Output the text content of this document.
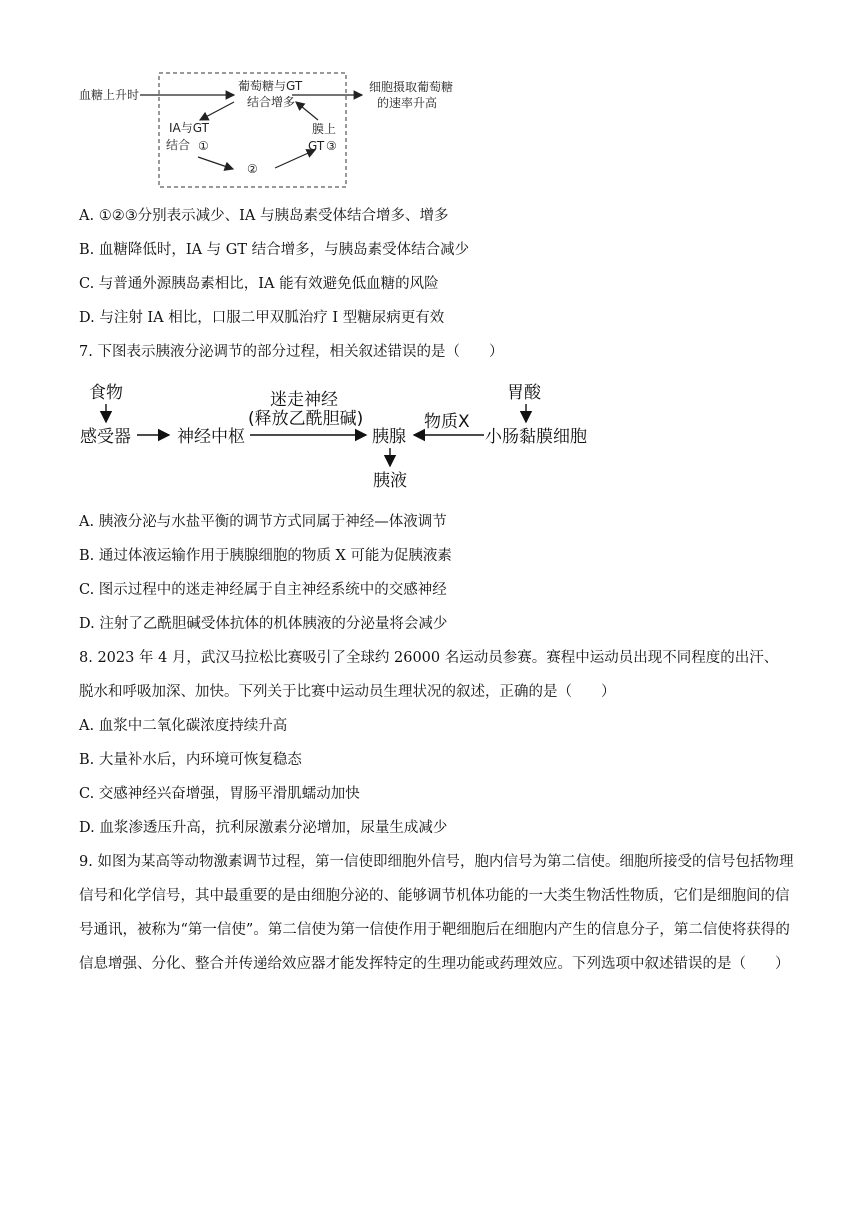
血糖上升时
葡萄糖与GT
结合增多
细胞摄取葡萄糖
的速率升高
IA与GT
结合 ①
②
膜上
GT ③
A. ①②③分别表示减少、IA 与胰岛素受体结合增多、增多
B. 血糖降低时，IA 与 GT 结合增多，与胰岛素受体结合减少
C. 与普通外源胰岛素相比，IA 能有效避免低血糖的风险
D. 与注射 IA 相比，口服二甲双胍治疗 I 型糖尿病更有效
7. 下图表示胰液分泌调节的部分过程，相关叙述错误的是（　　）
食物
感受器	神经中枢
迷走神经
(释放乙酰胆碱)
胰腺
胰液
物质X
胃酸
小肠黏膜细胞
A. 胰液分泌与水盐平衡的调节方式同属于神经—体液调节
B. 通过体液运输作用于胰腺细胞的物质 X 可能为促胰液素
C. 图示过程中的迷走神经属于自主神经系统中的交感神经
D. 注射了乙酰胆碱受体抗体的机体胰液的分泌量将会减少
8. 2023 年 4 月，武汉马拉松比赛吸引了全球约 26000 名运动员参赛。赛程中运动员出现不同程度的出汗、
脱水和呼吸加深、加快。下列关于比赛中运动员生理状况的叙述，正确的是（　　）
A. 血浆中二氧化碳浓度持续升高
B. 大量补水后，内环境可恢复稳态
C. 交感神经兴奋增强，胃肠平滑肌蠕动加快
D. 血浆渗透压升高，抗利尿激素分泌增加，尿量生成减少
9. 如图为某高等动物激素调节过程，第一信使即细胞外信号，胞内信号为第二信使。细胞所接受的信号包括物理信号和化学信号，其中最重要的是由细胞分泌的、能够调节机体功能的一大类生物活性物质，它们是细胞间的信号通讯，被称为“第一信使”。第二信使为第一信使作用于靶细胞后在细胞内产生的信息分子，第二信使将获得的信息增强、分化、整合并传递给效应器才能发挥特定的生理功能或药理效应。下列选项中叙述错误的是（　　）
